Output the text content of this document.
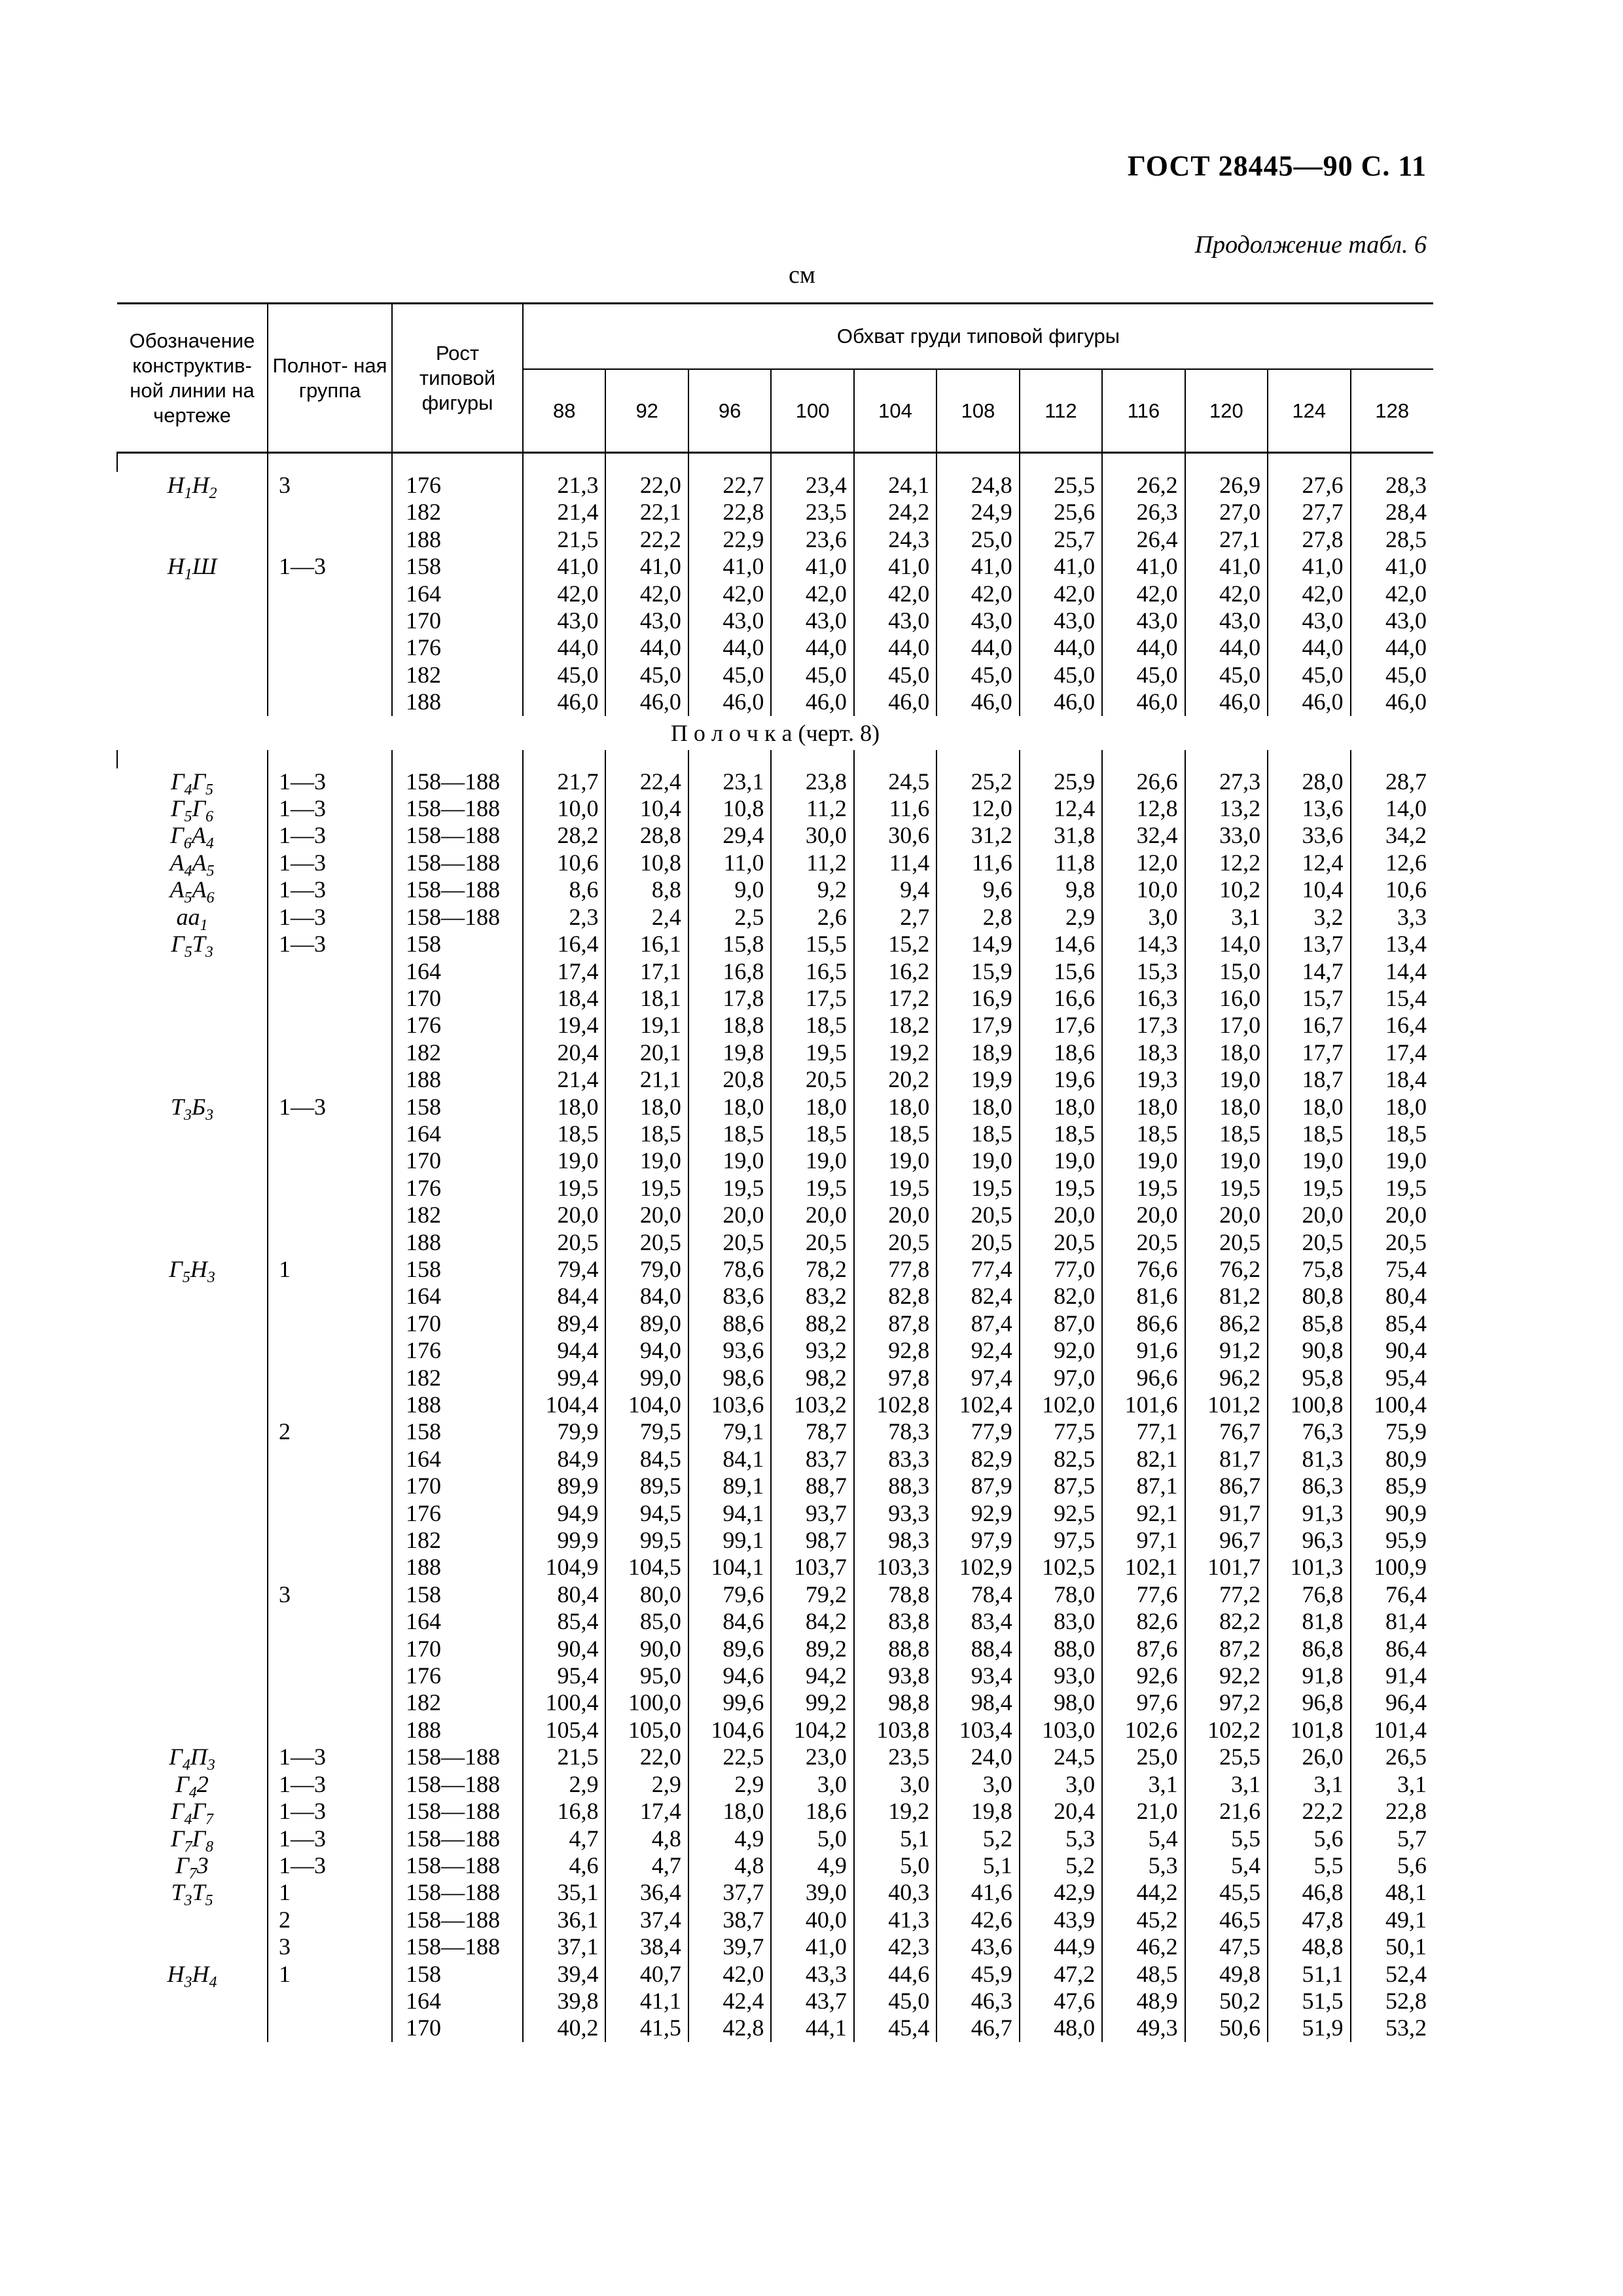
ГОСТ 28445—90 С. 11
Продолжение табл. 6
см
Обозначение конструктив- ной линии на чертеже	Полнот- ная группа	Рост типовой фигуры	Обхват груди типовой фигуры										
			88	92	96	100	104	108	112	116	120	124	128

$Н_1Н_2$	3	176	21,3	22,0	22,7	23,4	24,1	24,8	25,5	26,2	26,9	27,6	28,3
		182	21,4	22,1	22,8	23,5	24,2	24,9	25,6	26,3	27,0	27,7	28,4
		188	21,5	22,2	22,9	23,6	24,3	25,0	25,7	26,4	27,1	27,8	28,5
$Н_1Ш$	1—3	158	41,0	41,0	41,0	41,0	41,0	41,0	41,0	41,0	41,0	41,0	41,0
		164	42,0	42,0	42,0	42,0	42,0	42,0	42,0	42,0	42,0	42,0	42,0
		170	43,0	43,0	43,0	43,0	43,0	43,0	43,0	43,0	43,0	43,0	43,0
		176	44,0	44,0	44,0	44,0	44,0	44,0	44,0	44,0	44,0	44,0	44,0
		182	45,0	45,0	45,0	45,0	45,0	45,0	45,0	45,0	45,0	45,0	45,0
		188	46,0	46,0	46,0	46,0	46,0	46,0	46,0	46,0	46,0	46,0	46,0
П о л о ч к а (черт. 8)													

$Г_4Г_5$	1—3	158—188	21,7	22,4	23,1	23,8	24,5	25,2	25,9	26,6	27,3	28,0	28,7
$Г_5Г_6$	1—3	158—188	10,0	10,4	10,8	11,2	11,6	12,0	12,4	12,8	13,2	13,6	14,0
$Г_6А_4$	1—3	158—188	28,2	28,8	29,4	30,0	30,6	31,2	31,8	32,4	33,0	33,6	34,2
$А_4А_5$	1—3	158—188	10,6	10,8	11,0	11,2	11,4	11,6	11,8	12,0	12,2	12,4	12,6
$А_5А_6$	1—3	158—188	8,6	8,8	9,0	9,2	9,4	9,6	9,8	10,0	10,2	10,4	10,6
$aa_1$	1—3	158—188	2,3	2,4	2,5	2,6	2,7	2,8	2,9	3,0	3,1	3,2	3,3
$Г_5Т_3$	1—3	158	16,4	16,1	15,8	15,5	15,2	14,9	14,6	14,3	14,0	13,7	13,4
		164	17,4	17,1	16,8	16,5	16,2	15,9	15,6	15,3	15,0	14,7	14,4
		170	18,4	18,1	17,8	17,5	17,2	16,9	16,6	16,3	16,0	15,7	15,4
		176	19,4	19,1	18,8	18,5	18,2	17,9	17,6	17,3	17,0	16,7	16,4
		182	20,4	20,1	19,8	19,5	19,2	18,9	18,6	18,3	18,0	17,7	17,4
		188	21,4	21,1	20,8	20,5	20,2	19,9	19,6	19,3	19,0	18,7	18,4
$Т_3Б_3$	1—3	158	18,0	18,0	18,0	18,0	18,0	18,0	18,0	18,0	18,0	18,0	18,0
		164	18,5	18,5	18,5	18,5	18,5	18,5	18,5	18,5	18,5	18,5	18,5
		170	19,0	19,0	19,0	19,0	19,0	19,0	19,0	19,0	19,0	19,0	19,0
		176	19,5	19,5	19,5	19,5	19,5	19,5	19,5	19,5	19,5	19,5	19,5
		182	20,0	20,0	20,0	20,0	20,0	20,5	20,0	20,0	20,0	20,0	20,0
		188	20,5	20,5	20,5	20,5	20,5	20,5	20,5	20,5	20,5	20,5	20,5
$Г_5Н_3$	1	158	79,4	79,0	78,6	78,2	77,8	77,4	77,0	76,6	76,2	75,8	75,4
		164	84,4	84,0	83,6	83,2	82,8	82,4	82,0	81,6	81,2	80,8	80,4
		170	89,4	89,0	88,6	88,2	87,8	87,4	87,0	86,6	86,2	85,8	85,4
		176	94,4	94,0	93,6	93,2	92,8	92,4	92,0	91,6	91,2	90,8	90,4
		182	99,4	99,0	98,6	98,2	97,8	97,4	97,0	96,6	96,2	95,8	95,4
		188	104,4	104,0	103,6	103,2	102,8	102,4	102,0	101,6	101,2	100,8	100,4
	2	158	79,9	79,5	79,1	78,7	78,3	77,9	77,5	77,1	76,7	76,3	75,9
		164	84,9	84,5	84,1	83,7	83,3	82,9	82,5	82,1	81,7	81,3	80,9
		170	89,9	89,5	89,1	88,7	88,3	87,9	87,5	87,1	86,7	86,3	85,9
		176	94,9	94,5	94,1	93,7	93,3	92,9	92,5	92,1	91,7	91,3	90,9
		182	99,9	99,5	99,1	98,7	98,3	97,9	97,5	97,1	96,7	96,3	95,9
		188	104,9	104,5	104,1	103,7	103,3	102,9	102,5	102,1	101,7	101,3	100,9
	3	158	80,4	80,0	79,6	79,2	78,8	78,4	78,0	77,6	77,2	76,8	76,4
		164	85,4	85,0	84,6	84,2	83,8	83,4	83,0	82,6	82,2	81,8	81,4
		170	90,4	90,0	89,6	89,2	88,8	88,4	88,0	87,6	87,2	86,8	86,4
		176	95,4	95,0	94,6	94,2	93,8	93,4	93,0	92,6	92,2	91,8	91,4
		182	100,4	100,0	99,6	99,2	98,8	98,4	98,0	97,6	97,2	96,8	96,4
		188	105,4	105,0	104,6	104,2	103,8	103,4	103,0	102,6	102,2	101,8	101,4
$Г_4П_3$	1—3	158—188	21,5	22,0	22,5	23,0	23,5	24,0	24,5	25,0	25,5	26,0	26,5
$Г_42$	1—3	158—188	2,9	2,9	2,9	3,0	3,0	3,0	3,0	3,1	3,1	3,1	3,1
$Г_4Г_7$	1—3	158—188	16,8	17,4	18,0	18,6	19,2	19,8	20,4	21,0	21,6	22,2	22,8
$Г_7Г_8$	1—3	158—188	4,7	4,8	4,9	5,0	5,1	5,2	5,3	5,4	5,5	5,6	5,7
$Г_73$	1—3	158—188	4,6	4,7	4,8	4,9	5,0	5,1	5,2	5,3	5,4	5,5	5,6
$Т_3Т_5$	1	158—188	35,1	36,4	37,7	39,0	40,3	41,6	42,9	44,2	45,5	46,8	48,1
	2	158—188	36,1	37,4	38,7	40,0	41,3	42,6	43,9	45,2	46,5	47,8	49,1
	3	158—188	37,1	38,4	39,7	41,0	42,3	43,6	44,9	46,2	47,5	48,8	50,1
$Н_3Н_4$	1	158	39,4	40,7	42,0	43,3	44,6	45,9	47,2	48,5	49,8	51,1	52,4
		164	39,8	41,1	42,4	43,7	45,0	46,3	47,6	48,9	50,2	51,5	52,8
		170	40,2	41,5	42,8	44,1	45,4	46,7	48,0	49,3	50,6	51,9	53,2
